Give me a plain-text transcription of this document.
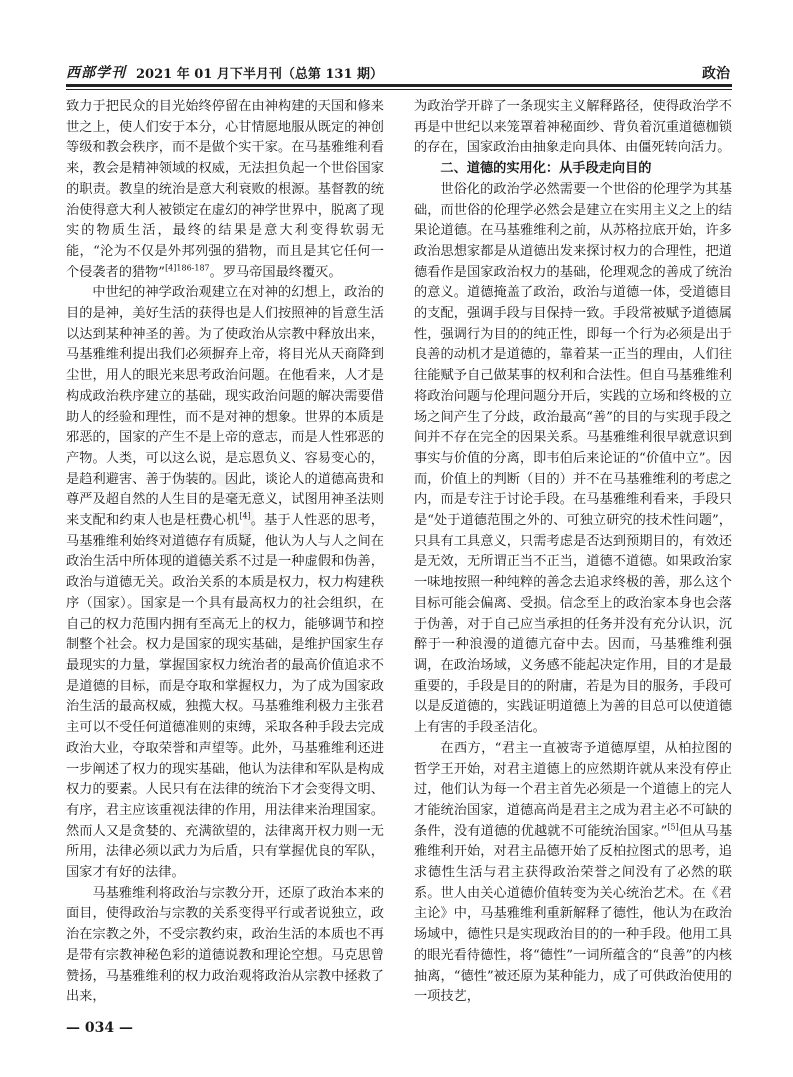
西部学刊 2021 年 01 月下半月刊（总第 131 期）	政治

致力于把民众的目光始终停留在由神构建的天国和修来世之上，使人们安于本分，心甘情愿地服从既定的神创等级和教会秩序，而不是做个实干家。在马基雅维利看来，教会是精神领域的权威，无法担负起一个世俗国家的职责。教皇的统治是意大利衰败的根源。基督教的统治使得意大利人被锁定在虚幻的神学世界中，脱离了现实的物质生活，最终的结果是意大利变得软弱无能，“沦为不仅是外邦列强的猎物，而且是其它任何一个侵袭者的猎物”$^{[4]186-187}$。罗马帝国最终覆灭。

中世纪的神学政治观建立在对神的幻想上，政治的目的是神，美好生活的获得也是人们按照神的旨意生活以达到某种神圣的善。为了使政治从宗教中释放出来，马基雅维利提出我们必须摒弃上帝，将目光从天商降到尘世，用人的眼光来思考政治问题。在他看来，人才是构成政治秩序建立的基础，现实政治问题的解决需要借助人的经验和理性，而不是对神的想象。世界的本质是邪恶的，国家的产生不是上帝的意志，而是人性邪恶的产物。人类，可以这么说，是忘恩负义、容易变心的，是趋利避害、善于伪装的。因此，谈论人的道德高贵和尊严及超自然的人生目的是毫无意义，试图用神圣法则来支配和约束人也是枉费心机[4]。基于人性恶的思考，马基雅维利始终对道德存有质疑，他认为人与人之间在政治生活中所体现的道德关系不过是一种虚假和伪善，政治与道德无关。政治关系的本质是权力，权力构建秩序（国家）。国家是一个具有最高权力的社会组织，在自己的权力范围内拥有至高无上的权力，能够调节和控制整个社会。权力是国家的现实基础，是维护国家生存最现实的力量，掌握国家权力统治者的最高价值追求不是道德的目标，而是夺取和掌握权力，为了成为国家政治生活的最高权威，独揽大权。马基雅维利极力主张君主可以不受任何道德准则的束缚，采取各种手段去完成政治大业，夺取荣誉和声望等。此外，马基雅维利还进一步阐述了权力的现实基础，他认为法律和军队是构成权力的要素。人民只有在法律的统治下才会变得文明、有序，君主应该重视法律的作用，用法律来治理国家。然而人又是贪婪的、充满欲望的，法律离开权力则一无所用，法律必须以武力为后盾，只有掌握优良的军队，国家才有好的法律。

马基雅维利将政治与宗教分开，还原了政治本来的面目，使得政治与宗教的关系变得平行或者说独立，政治在宗教之外，不受宗教约束，政治生活的本质也不再是带有宗教神秘色彩的道德说教和理论空想。马克思曾赞扬，马基雅维利的权力政治观将政治从宗教中拯救了出来，

为政治学开辟了一条现实主义解释路径，使得政治学不再是中世纪以来笼罩着神秘面纱、背负着沉重道德枷锁的存在，国家政治由抽象走向具体、由僵死转向活力。

二、道德的实用化：从手段走向目的

世俗化的政治学必然需要一个世俗的伦理学为其基础，而世俗的伦理学必然会是建立在实用主义之上的结果论道德。在马基雅维利之前，从苏格拉底开始，许多政治思想家都是从道德出发来探讨权力的合理性，把道德看作是国家政治权力的基础，伦理观念的善成了统治的意义。道德掩盖了政治，政治与道德一体，受道德目的支配，强调手段与目保持一致。手段常被赋予道德属性，强调行为目的的纯正性，即每一个行为必须是出于良善的动机才是道德的，靠着某一正当的理由，人们往往能赋予自己做某事的权利和合法性。但自马基雅维利将政治问题与伦理问题分开后，实践的立场和终极的立场之间产生了分歧，政治最高“善”的目的与实现手段之间并不存在完全的因果关系。马基雅维利很早就意识到事实与价值的分离，即韦伯后来论证的“价值中立”。因而，价值上的判断（目的）并不在马基雅维利的考虑之内，而是专注于讨论手段。在马基雅维利看来，手段只是“处于道德范围之外的、可独立研究的技术性问题”，只具有工具意义，只需考虑是否达到预期目的，有效还是无效，无所谓正当不正当，道德不道德。如果政治家一味地按照一种纯粹的善念去追求终极的善，那么这个目标可能会偏离、受损。信念至上的政治家本身也会落于伪善，对于自己应当承担的任务并没有充分认识，沉醉于一种浪漫的道德亢奋中去。因而，马基雅维利强调，在政治场域，义务感不能起决定作用，目的才是最重要的，手段是目的的附庸，若是为目的服务，手段可以是反道德的，实践证明道德上为善的目总可以使道德上有害的手段圣洁化。

在西方，“君主一直被寄予道德厚望，从柏拉图的哲学王开始，对君主道德上的应然期许就从来没有停止过，他们认为每一个君主首先必须是一个道德上的完人才能统治国家，道德高尚是君主之成为君主必不可缺的条件，没有道德的优越就不可能统治国家。”[5]但从马基雅维利开始，对君主品德开始了反柏拉图式的思考，追求德性生活与君主获得政治荣誉之间没有了必然的联系。世人由关心道德价值转变为关心统治艺术。在《君主论》中，马基雅维利重新解释了德性，他认为在政治场域中，德性只是实现政治目的的一种手段。他用工具的眼光看待德性，将“德性”一词所蕴含的“良善”的内核抽离，“德性”被还原为某种能力，成了可供政治使用的一项技艺，

— 034 —
